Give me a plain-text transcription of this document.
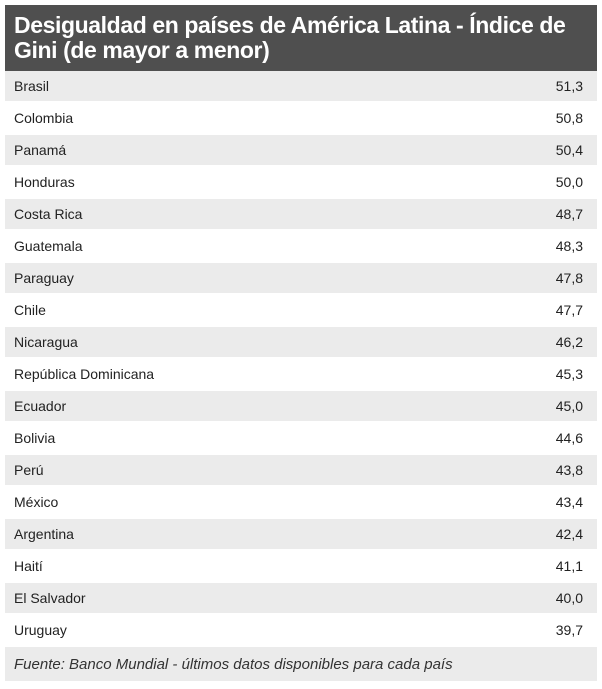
Desigualdad en países de América Latina - Índice de Gini (de mayor a menor)
Brasil	51,3
Colombia	50,8
Panamá	50,4
Honduras	50,0
Costa Rica	48,7
Guatemala	48,3
Paraguay	47,8
Chile	47,7
Nicaragua	46,2
República Dominicana	45,3
Ecuador	45,0
Bolivia	44,6
Perú	43,8
México	43,4
Argentina	42,4
Haití	41,1
El Salvador	40,0
Uruguay	39,7
Fuente: Banco Mundial - últimos datos disponibles para cada país
